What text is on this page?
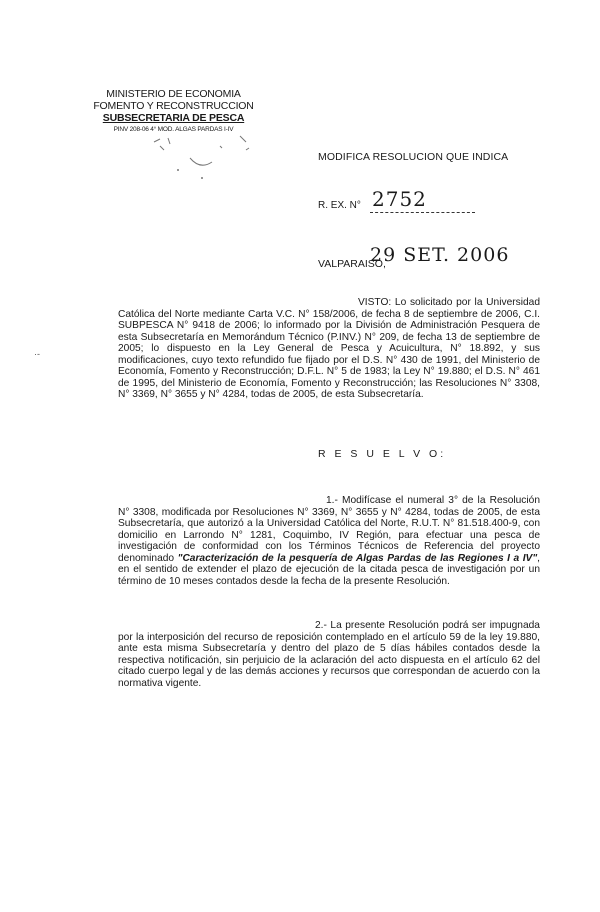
MINISTERIO DE ECONOMIA
FOMENTO Y RECONSTRUCCION
SUBSECRETARIA DE PESCA
PINV 208-06 4° MOD. ALGAS PARDAS I-IV
MODIFICA RESOLUCION QUE INDICA
R. EX. N° 2752
VALPARAISO,
29 SET. 2006
·-
VISTO: Lo solicitado por la Universidad Católica del Norte mediante Carta V.C. N° 158/2006, de fecha 8 de septiembre de 2006, C.I. SUBPESCA N° 9418 de 2006; lo informado por la División de Administración Pesquera de esta Subsecretaría en Memorándum Técnico (P.INV.) N° 209, de fecha 13 de septiembre de 2005; lo dispuesto en la Ley General de Pesca y Acuicultura, N° 18.892, y sus modificaciones, cuyo texto refundido fue fijado por el D.S. N° 430 de 1991, del Ministerio de Economía, Fomento y Reconstrucción; D.F.L. N° 5 de 1983; la Ley N° 19.880; el D.S. N° 461 de 1995, del Ministerio de Economía, Fomento y Reconstrucción; las Resoluciones N° 3308, N° 3369, N° 3655 y N° 4284, todas de 2005, de esta Subsecretaría.
R E S U E L V O:
1.- Modifícase el numeral 3° de la Resolución N° 3308, modificada por Resoluciones N° 3369, N° 3655 y N° 4284, todas de 2005, de esta Subsecretaría, que autorizó a la Universidad Católica del Norte, R.U.T. N° 81.518.400-9, con domicilio en Larrondo N° 1281, Coquimbo, IV Región, para efectuar una pesca de investigación de conformidad con los Términos Técnicos de Referencia del proyecto denominado "Caracterización de la pesquería de Algas Pardas de las Regiones I a IV", en el sentido de extender el plazo de ejecución de la citada pesca de investigación por un término de 10 meses contados desde la fecha de la presente Resolución.
2.- La presente Resolución podrá ser impugnada por la interposición del recurso de reposición contemplado en el artículo 59 de la ley 19.880, ante esta misma Subsecretaría y dentro del plazo de 5 días hábiles contados desde la respectiva notificación, sin perjuicio de la aclaración del acto dispuesta en el artículo 62 del citado cuerpo legal y de las demás acciones y recursos que correspondan de acuerdo con la normativa vigente.
